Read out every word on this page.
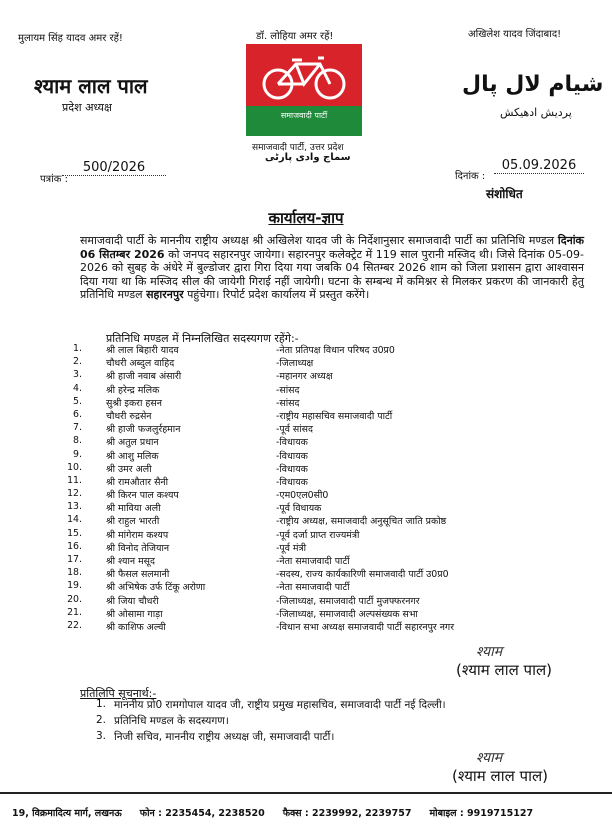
मुलायम सिंह यादव अमर रहें!	डॉ. लोहिया अमर रहें!	अखिलेश यादव जिंदाबाद!
श्याम लाल पाल
प्रदेश अध्यक्ष
شیام لال پال
پردیش ادھیکش
समाजवादी पार्टी
समाजवादी पार्टी, उत्तर प्रदेश
سماج وادی پارٹی
पत्रांक :
500/2026
दिनांक :
05.09.2026
संशोधित
कार्यालय-ज्ञाप
समाजवादी पार्टी के माननीय राष्ट्रीय अध्यक्ष श्री अखिलेश यादव जी के निर्देशानुसार समाजवादी पार्टी का प्रतिनिधि मण्डल दिनांक 06 सितम्बर 2026 को जनपद सहारनपुर जायेगा। सहारनपुर कलेक्ट्रेट में 119 साल पुरानी मस्जिद थी। जिसे दिनांक 05-09-2026 को सुबह के अंधेरे में बुल्डोजर द्वारा गिरा दिया गया जबकि 04 सितम्बर 2026 शाम को जिला प्रशासन द्वारा आश्वासन दिया गया था कि मस्जिद सील की जायेगी गिराई नहीं जायेगी। घटना के सम्बन्ध में कमिश्नर से मिलकर प्रकरण की जानकारी हेतु प्रतिनिधि मण्डल सहारनपुर पहुंचेगा। रिपोर्ट प्रदेश कार्यालय में प्रस्तुत करेंगे।
प्रतिनिधि मण्डल में निम्नलिखित सदस्यगण रहेंगे:-
1.	श्री लाल बिहारी यादव	-नेता प्रतिपक्ष विधान परिषद उ0प्र0
2.	चौधरी अब्दुल वाहिद	-जिलाध्यक्ष
3.	श्री हाजी नवाब अंसारी	-महानगर अध्यक्ष
4.	श्री हरेन्द्र मलिक	-सांसद
5.	सुश्री इकरा हसन	-सांसद
6.	चौधरी रुद्रसेन	-राष्ट्रीय महासचिव समाजवादी पार्टी
7.	श्री हाजी फजलुर्रहमान	-पूर्व सांसद
8.	श्री अतुल प्रधान	-विधायक
9.	श्री आशु मलिक	-विधायक
10.	श्री उमर अली	-विधायक
11.	श्री रामऔतार सैनी	-विधायक
12.	श्री किरन पाल कश्यप	-एम0एल0सी0
13.	श्री माविया अली	-पूर्व विधायक
14.	श्री राहुल भारती	-राष्ट्रीय अध्यक्ष, समाजवादी अनुसूचित जाति प्रकोष्ठ
15.	श्री मांगेराम कश्यप	-पूर्व दर्जा प्राप्त राज्यमंत्री
16.	श्री विनोद तेजियान	-पूर्व मंत्री
17.	श्री श्यान मसूद	-नेता समाजवादी पार्टी
18.	श्री फैसल सलमानी	-सदस्य, राज्य कार्यकारिणी समाजवादी पार्टी उ0प्र0
19.	श्री अभिषेक उर्फ टिंकू अरोणा	-नेता समाजवादी पार्टी
20.	श्री जिया चौधरी	-जिलाध्यक्ष, समाजवादी पार्टी मुजफ्फरनगर
21.	श्री ओसामा गाड़ा	-जिलाध्यक्ष, समाजवादी अल्पसंख्यक सभा
22.	श्री काशिफ अल्वी	-विधान सभा अध्यक्ष समाजवादी पार्टी सहारनपुर नगर
श्याम
(श्याम लाल पाल)
प्रतिलिपि सूचनार्थ:-
1. माननीय प्रो0 रामगोपाल यादव जी, राष्ट्रीय प्रमुख महासचिव, समाजवादी पार्टी नई दिल्ली।
2. प्रतिनिधि मण्डल के सदस्यगण।
3. निजी सचिव, माननीय राष्ट्रीय अध्यक्ष जी, समाजवादी पार्टी।
श्याम
(श्याम लाल पाल)
19, विक्रमादित्य मार्ग, लखनऊ फोन : 2235454, 2238520 फैक्स : 2239992, 2239757 मोबाइल : 9919715127
